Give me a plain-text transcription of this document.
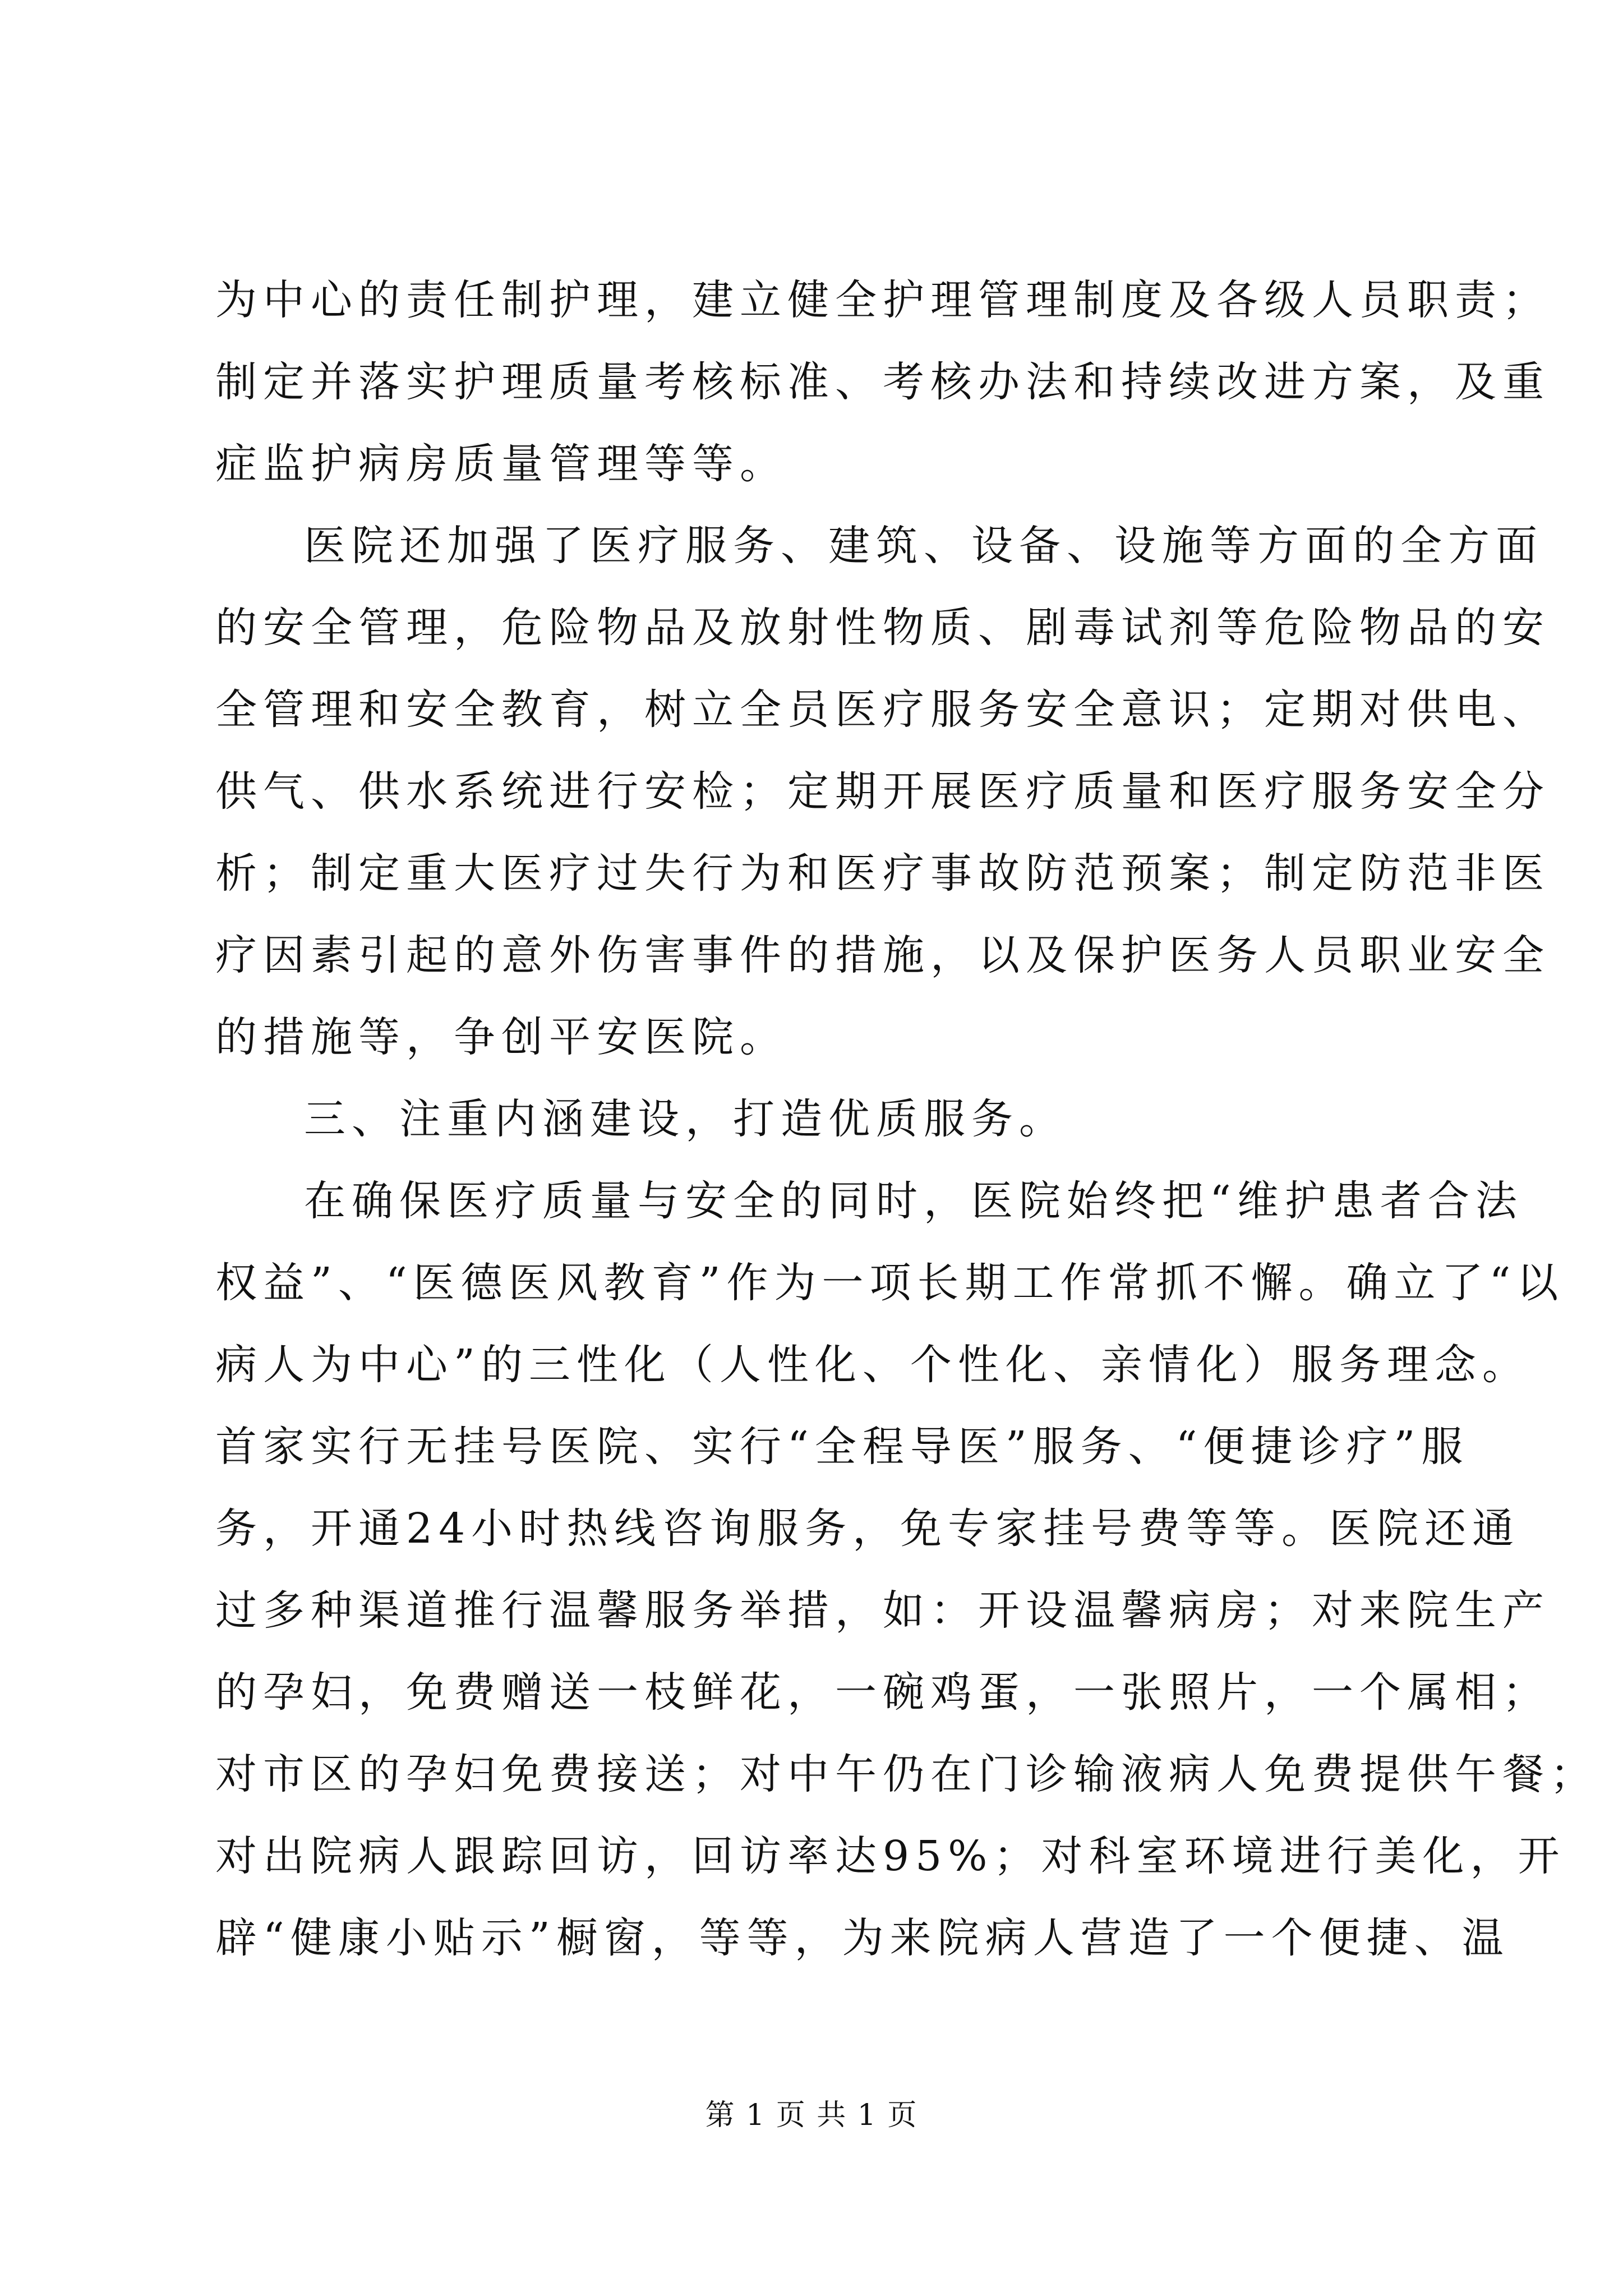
为中心的责任制护理，建立健全护理管理制度及各级人员职责；
制定并落实护理质量考核标准、考核办法和持续改进方案，及重
症监护病房质量管理等等。
医院还加强了医疗服务、建筑、设备、设施等方面的全方面
的安全管理，危险物品及放射性物质、剧毒试剂等危险物品的安
全管理和安全教育，树立全员医疗服务安全意识；定期对供电、
供气、供水系统进行安检；定期开展医疗质量和医疗服务安全分
析；制定重大医疗过失行为和医疗事故防范预案；制定防范非医
疗因素引起的意外伤害事件的措施，以及保护医务人员职业安全
的措施等，争创平安医院。
三、注重内涵建设，打造优质服务。
在确保医疗质量与安全的同时，医院始终把“维护患者合法
权益”、“医德医风教育”作为一项长期工作常抓不懈。确立了“以
病人为中心”的三性化（人性化、个性化、亲情化）服务理念。
首家实行无挂号医院、实行“全程导医”服务、“便捷诊疗”服
务，开通24小时热线咨询服务，免专家挂号费等等。医院还通
过多种渠道推行温馨服务举措，如：开设温馨病房；对来院生产
的孕妇，免费赠送一枝鲜花，一碗鸡蛋，一张照片，一个属相；
对市区的孕妇免费接送；对中午仍在门诊输液病人免费提供午餐；
对出院病人跟踪回访，回访率达95%；对科室环境进行美化，开
辟“健康小贴示”橱窗，等等，为来院病人营造了一个便捷、温
第 1 页 共 1 页
